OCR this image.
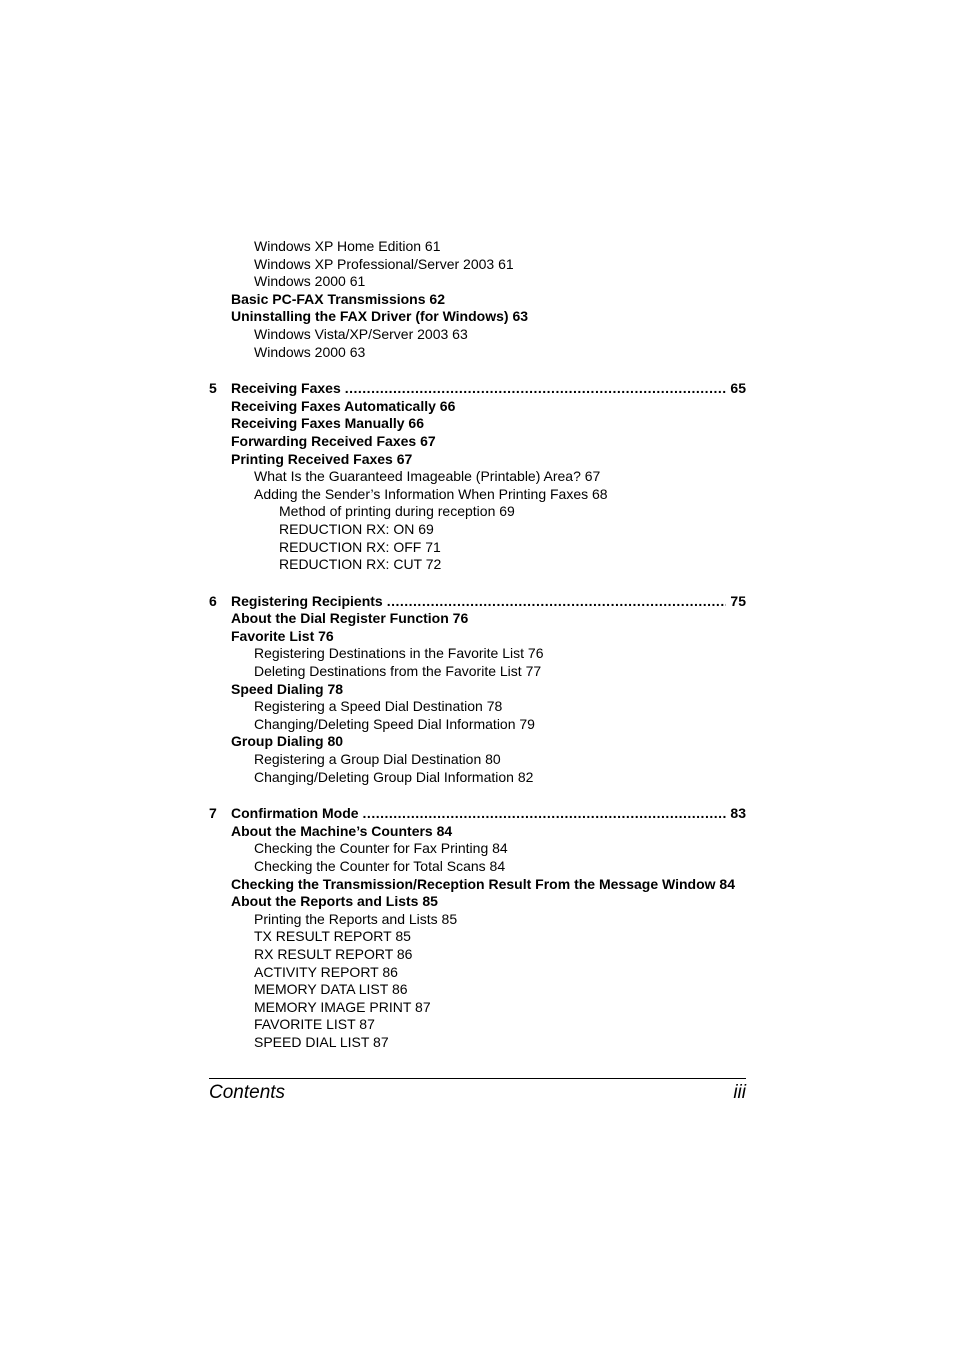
Windows XP Home Edition 61
Windows XP Professional/Server 2003 61
Windows 2000 61
Basic PC-FAX Transmissions 62
Uninstalling the FAX Driver (for Windows) 63
Windows Vista/XP/Server 2003 63
Windows 2000 63
5	Receiving Faxes .....	65
Receiving Faxes Automatically 66
Receiving Faxes Manually 66
Forwarding Received Faxes 67
Printing Received Faxes 67
What Is the Guaranteed Imageable (Printable) Area? 67
Adding the Sender’s Information When Printing Faxes 68
Method of printing during reception 69
REDUCTION RX: ON 69
REDUCTION RX: OFF 71
REDUCTION RX: CUT 72
6	Registering Recipients .....	75
About the Dial Register Function 76
Favorite List 76
Registering Destinations in the Favorite List 76
Deleting Destinations from the Favorite List 77
Speed Dialing 78
Registering a Speed Dial Destination 78
Changing/Deleting Speed Dial Information 79
Group Dialing 80
Registering a Group Dial Destination 80
Changing/Deleting Group Dial Information 82
7	Confirmation Mode .....	83
About the Machine’s Counters 84
Checking the Counter for Fax Printing 84
Checking the Counter for Total Scans 84
Checking the Transmission/Reception Result From the Message Window 84
About the Reports and Lists 85
Printing the Reports and Lists 85
TX RESULT REPORT 85
RX RESULT REPORT 86
ACTIVITY REPORT 86
MEMORY DATA LIST 86
MEMORY IMAGE PRINT 87
FAVORITE LIST 87
SPEED DIAL LIST 87
Contents	iii
